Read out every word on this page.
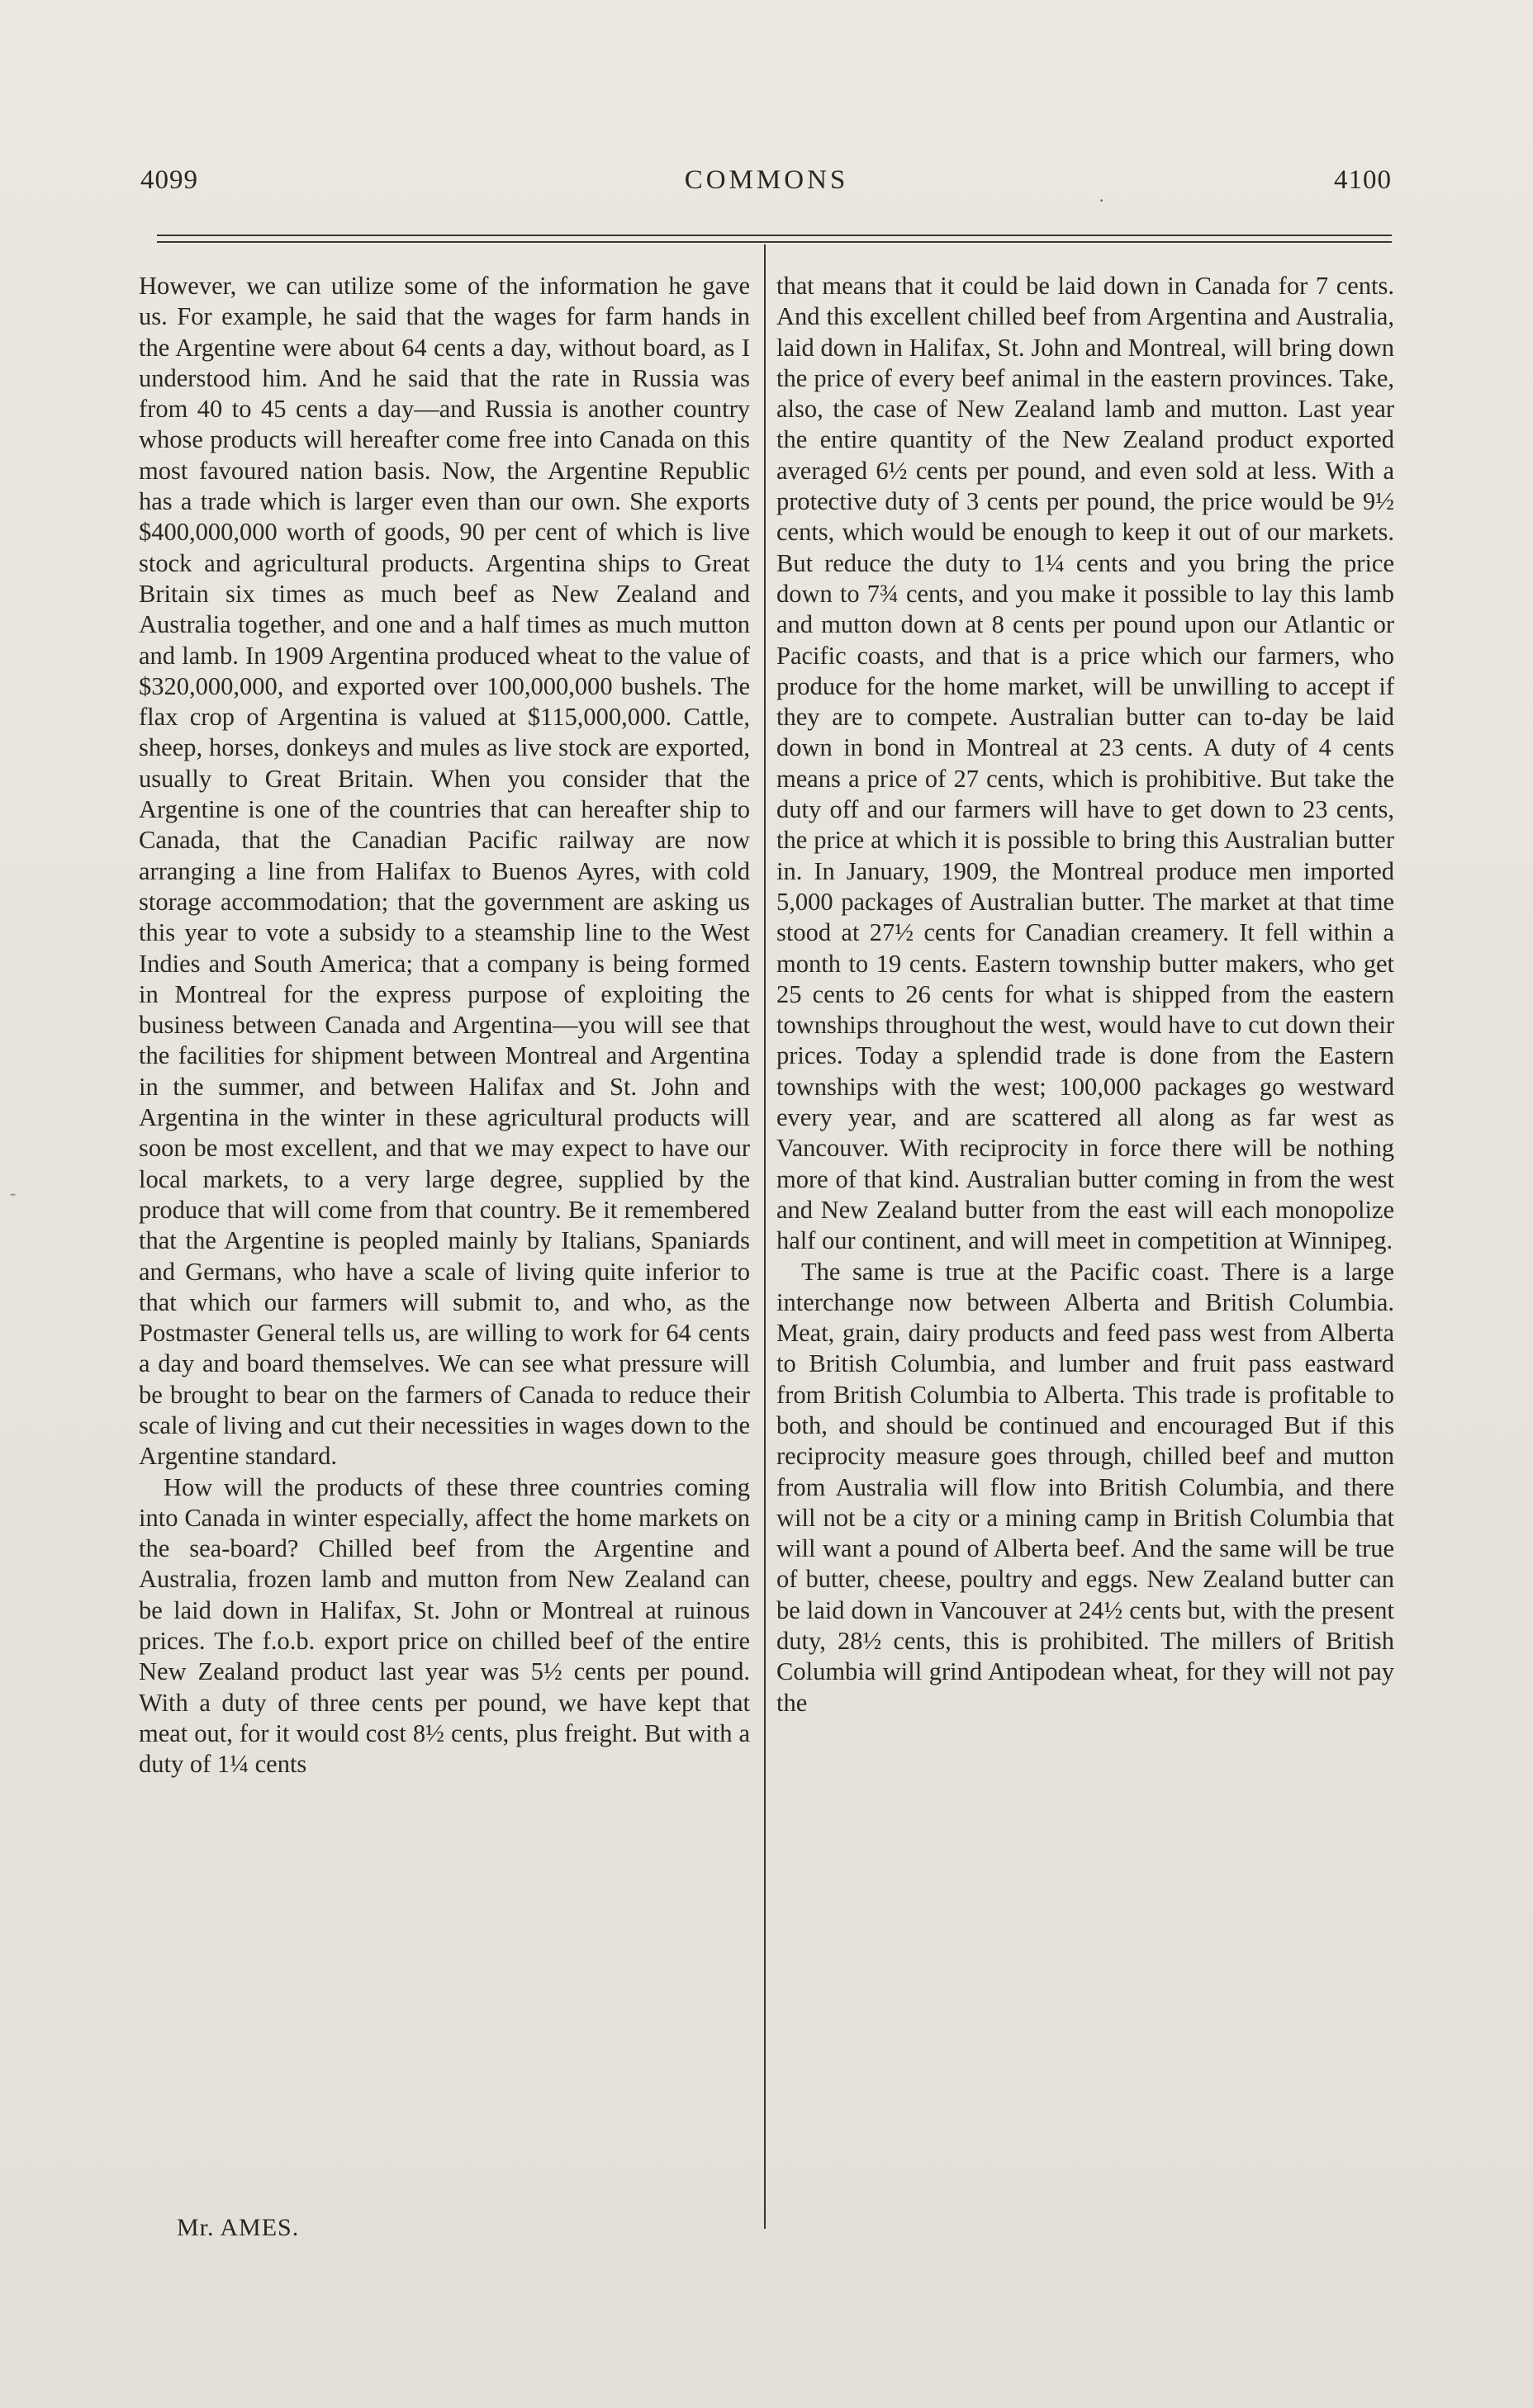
COMMONS
4099	4100
·
-

However, we can utilize some of the information he gave us. For example, he said that the wages for farm hands in the Argentine were about 64 cents a day, without board, as I understood him. And he said that the rate in Russia was from 40 to 45 cents a day—and Russia is another country whose products will hereafter come free into Canada on this most favoured nation basis. Now, the Argentine Republic has a trade which is larger even than our own. She exports $400,000,000 worth of goods, 90 per cent of which is live stock and agricultural products. Argentina ships to Great Britain six times as much beef as New Zealand and Australia together, and one and a half times as much mutton and lamb. In 1909 Argentina produced wheat to the value of $320,000,000, and exported over 100,000,000 bushels. The flax crop of Argentina is valued at $115,000,000. Cattle, sheep, horses, donkeys and mules as live stock are exported, usually to Great Britain. When you consider that the Argentine is one of the countries that can hereafter ship to Canada, that the Canadian Pacific railway are now arranging a line from Halifax to Buenos Ayres, with cold storage accommodation; that the government are asking us this year to vote a subsidy to a steamship line to the West Indies and South America; that a company is being formed in Montreal for the express purpose of exploiting the business between Canada and Argentina—you will see that the facilities for shipment between Montreal and Argentina in the summer, and between Halifax and St. John and Argentina in the winter in these agricultural products will soon be most excellent, and that we may expect to have our local markets, to a very large degree, supplied by the produce that will come from that country. Be it remembered that the Argentine is peopled mainly by Italians, Spaniards and Germans, who have a scale of living quite inferior to that which our farmers will submit to, and who, as the Postmaster General tells us, are willing to work for 64 cents a day and board themselves. We can see what pressure will be brought to bear on the farmers of Canada to reduce their scale of living and cut their necessities in wages down to the Argentine standard.

How will the products of these three countries coming into Canada in winter especially, affect the home markets on the sea-board? Chilled beef from the Argentine and Australia, frozen lamb and mutton from New Zealand can be laid down in Halifax, St. John or Montreal at ruinous prices. The f.o.b. export price on chilled beef of the entire New Zealand product last year was 5½ cents per pound. With a duty of three cents per pound, we have kept that meat out, for it would cost 8½ cents, plus freight. But with a duty of 1¼ cents

that means that it could be laid down in Canada for 7 cents. And this excellent chilled beef from Argentina and Australia, laid down in Halifax, St. John and Montreal, will bring down the price of every beef animal in the eastern provinces. Take, also, the case of New Zealand lamb and mutton. Last year the entire quantity of the New Zealand product exported averaged 6½ cents per pound, and even sold at less. With a protective duty of 3 cents per pound, the price would be 9½ cents, which would be enough to keep it out of our markets. But reduce the duty to 1¼ cents and you bring the price down to 7¾ cents, and you make it possible to lay this lamb and mutton down at 8 cents per pound upon our Atlantic or Pacific coasts, and that is a price which our farmers, who produce for the home market, will be unwilling to accept if they are to compete. Australian butter can to-day be laid down in bond in Montreal at 23 cents. A duty of 4 cents means a price of 27 cents, which is prohibitive. But take the duty off and our farmers will have to get down to 23 cents, the price at which it is possible to bring this Australian butter in. In January, 1909, the Montreal produce men imported 5,000 packages of Australian butter. The market at that time stood at 27½ cents for Canadian creamery. It fell within a month to 19 cents. Eastern township butter makers, who get 25 cents to 26 cents for what is shipped from the eastern townships throughout the west, would have to cut down their prices. Today a splendid trade is done from the Eastern townships with the west; 100,000 packages go westward every year, and are scattered all along as far west as Vancouver. With reciprocity in force there will be nothing more of that kind. Australian butter coming in from the west and New Zealand butter from the east will each monopolize half our continent, and will meet in competition at Winnipeg.

The same is true at the Pacific coast. There is a large interchange now between Alberta and British Columbia. Meat, grain, dairy products and feed pass west from Alberta to British Columbia, and lumber and fruit pass eastward from British Columbia to Alberta. This trade is profitable to both, and should be continued and encouraged But if this reciprocity measure goes through, chilled beef and mutton from Australia will flow into British Columbia, and there will not be a city or a mining camp in British Columbia that will want a pound of Alberta beef. And the same will be true of butter, cheese, poultry and eggs. New Zealand butter can be laid down in Vancouver at 24½ cents but, with the present duty, 28½ cents, this is prohibited. The millers of British Columbia will grind Antipodean wheat, for they will not pay the

Mr. AMES.
